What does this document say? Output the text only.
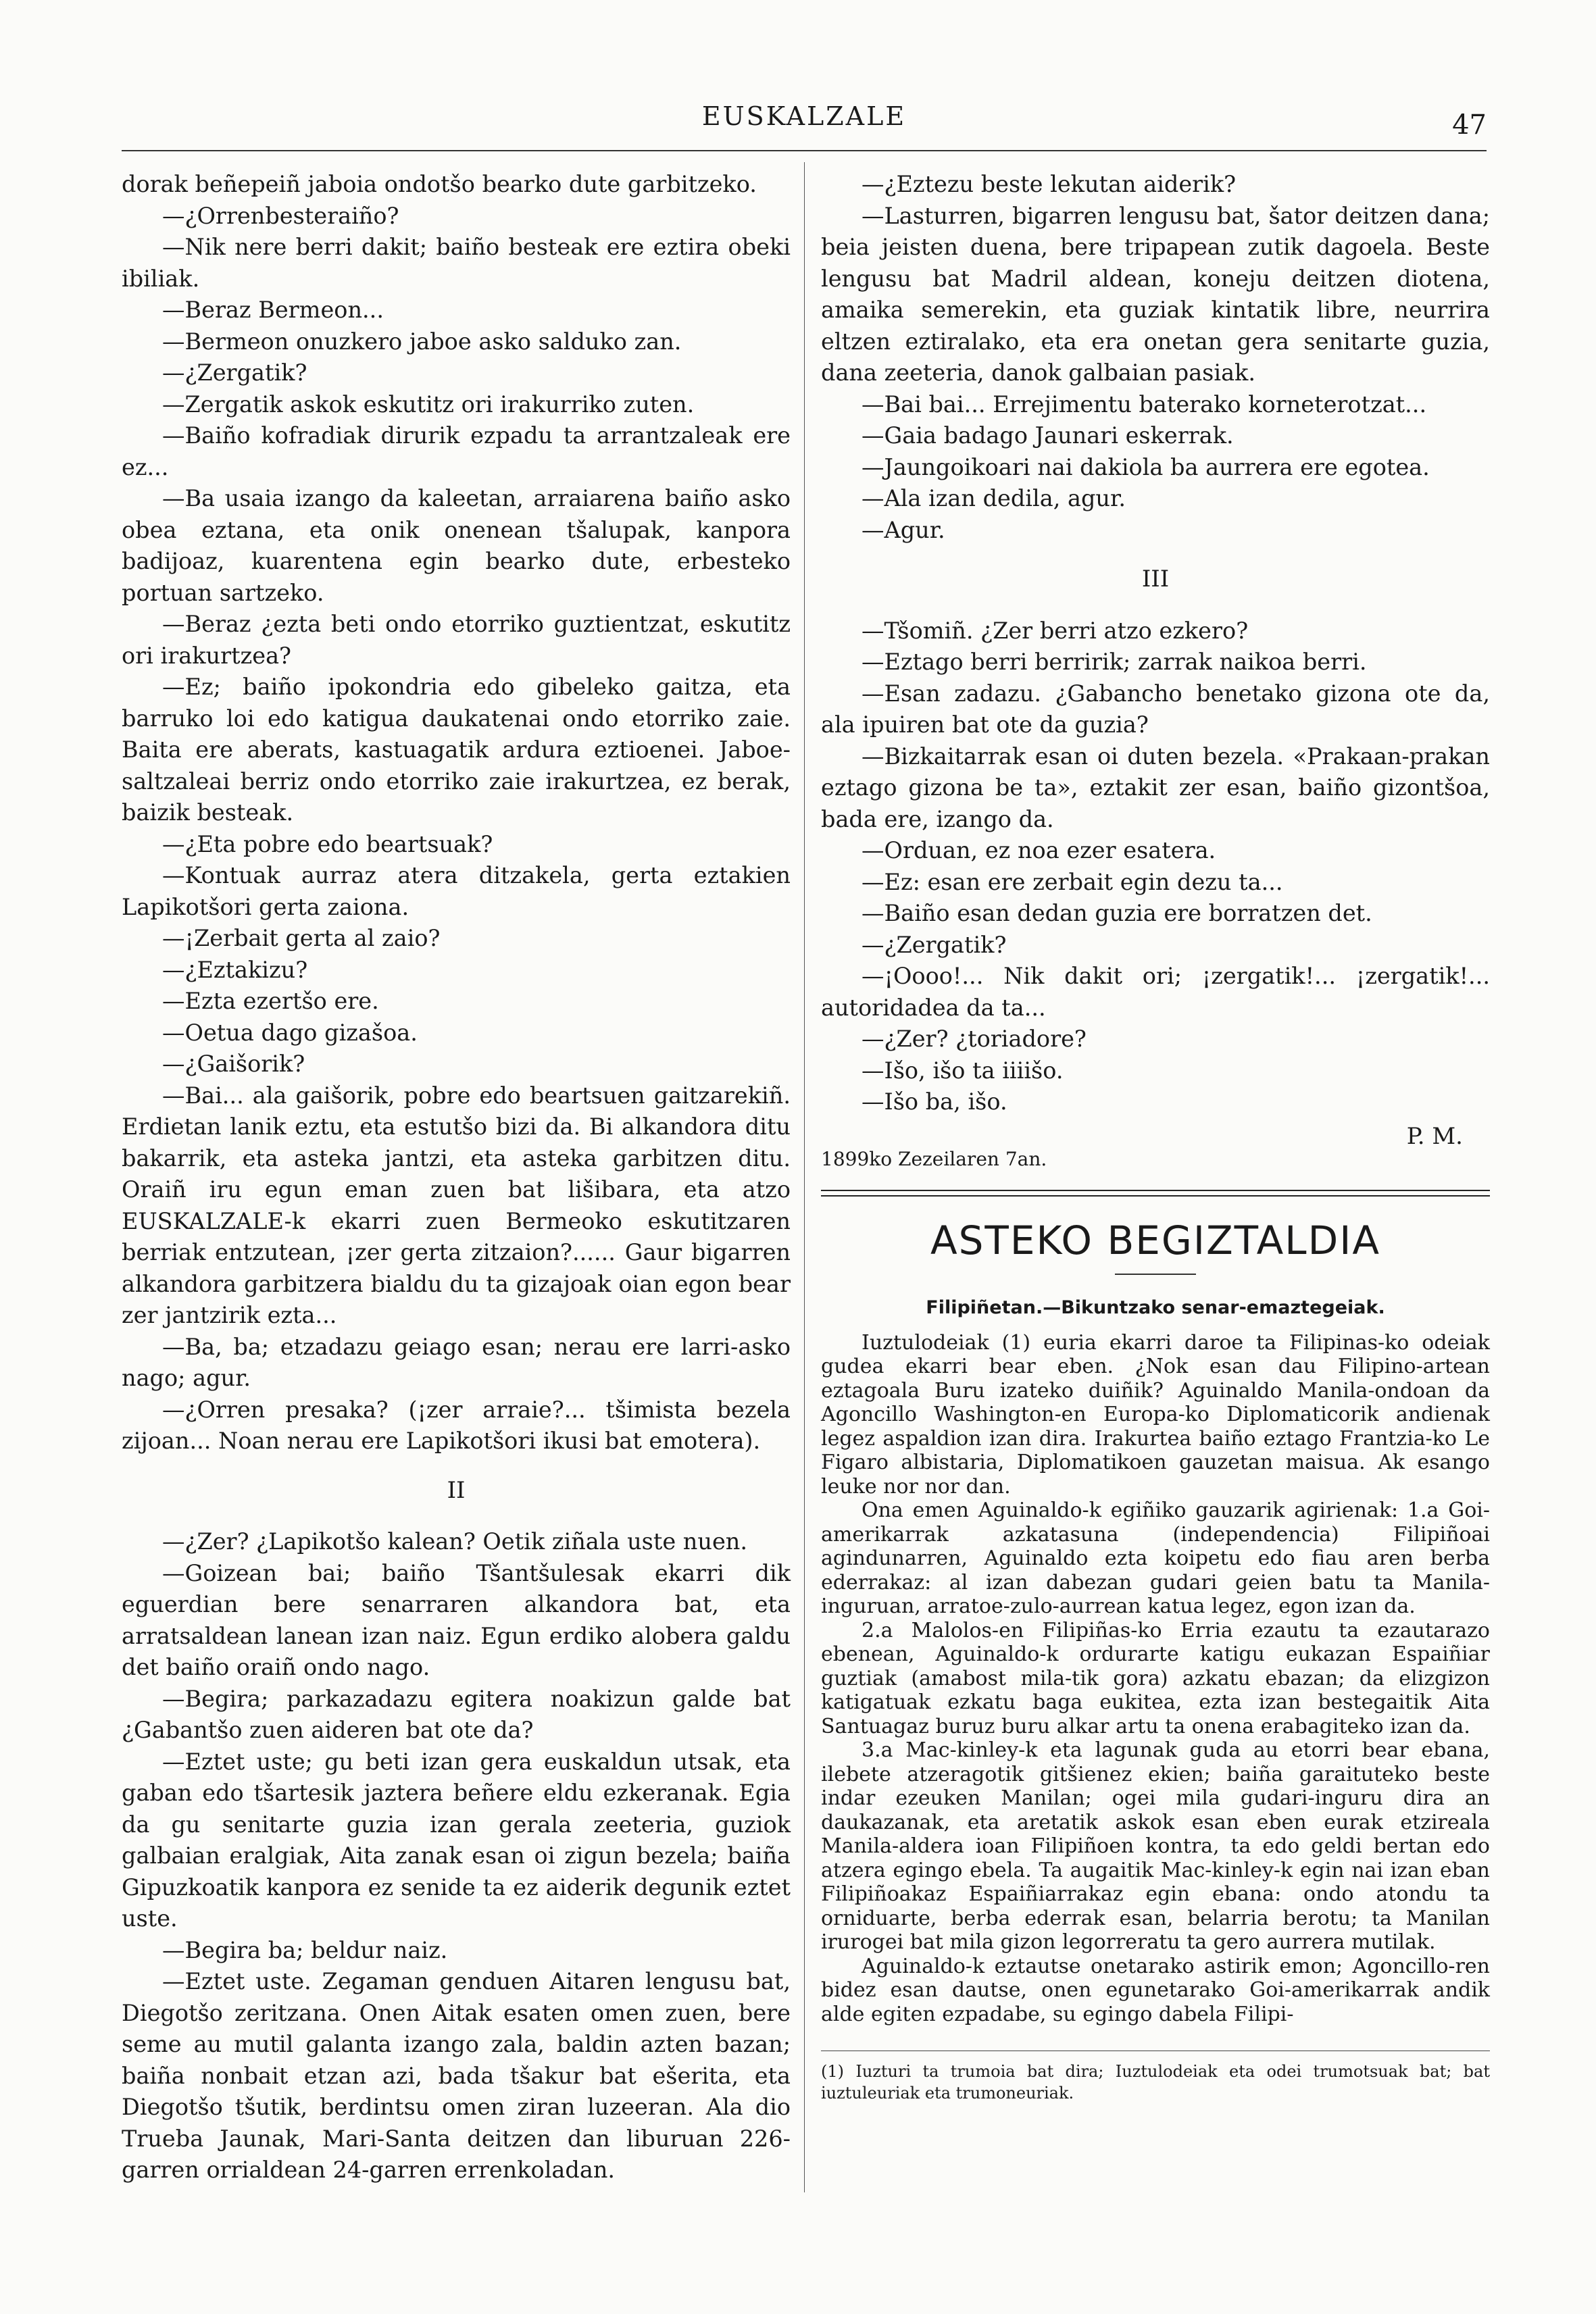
EUSKALZALE	47

dorak beñepeiñ jaboia ondotšo bearko dute garbitzeko.

—¿Orrenbesteraiño?

—Nik nere berri dakit; baiño besteak ere eztira obeki ibiliak.

—Beraz Bermeon...

—Bermeon onuzkero jaboe asko salduko zan.

—¿Zergatik?

—Zergatik askok eskutitz ori irakurriko zuten.

—Baiño kofradiak dirurik ezpadu ta arrantzaleak ere ez...

—Ba usaia izango da kaleetan, arraiarena baiño asko obea eztana, eta onik onenean tšalupak, kanpora badijoaz, kuarentena egin bearko dute, erbesteko portuan sartzeko.

—Beraz ¿ezta beti ondo etorriko guztientzat, eskutitz ori irakurtzea?

—Ez; baiño ipokondria edo gibeleko gaitza, eta barruko loi edo katigua daukatenai ondo etorriko zaie. Baita ere aberats, kastuagatik ardura eztioenei. Jaboe-saltzaleai berriz ondo etorriko zaie irakurtzea, ez berak, baizik besteak.

—¿Eta pobre edo beartsuak?

—Kontuak aurraz atera ditzakela, gerta eztakien Lapikotšori gerta zaiona.

—¡Zerbait gerta al zaio?

—¿Eztakizu?

—Ezta ezertšo ere.

—Oetua dago gizašoa.

—¿Gaišorik?

—Bai... ala gaišorik, pobre edo beartsuen gaitzarekiñ. Erdietan lanik eztu, eta estutšo bizi da. Bi alkandora ditu bakarrik, eta asteka jantzi, eta asteka garbitzen ditu. Oraiñ iru egun eman zuen bat lišibara, eta atzo EUSKALZALE-k ekarri zuen Bermeoko eskutitzaren berriak entzutean, ¡zer gerta zitzaion?...... Gaur bigarren alkandora garbitzera bialdu du ta gizajoak oian egon bear zer jantzirik ezta...

—Ba, ba; etzadazu geiago esan; nerau ere larri-asko nago; agur.

—¿Orren presaka? (¡zer arraie?... tšimista bezela zijoan... Noan nerau ere Lapikotšori ikusi bat emotera).

II

—¿Zer? ¿Lapikotšo kalean? Oetik ziñala uste nuen.

—Goizean bai; baiño Tšantšulesak ekarri dik eguerdian bere senarraren alkandora bat, eta arratsaldean lanean izan naiz. Egun erdiko alobera galdu det baiño oraiñ ondo nago.

—Begira; parkazadazu egitera noakizun galde bat ¿Gabantšo zuen aideren bat ote da?

—Eztet uste; gu beti izan gera euskaldun utsak, eta gaban edo tšartesik jaztera beñere eldu ezkeranak. Egia da gu senitarte guzia izan gerala zeeteria, guziok galbaian eralgiak, Aita zanak esan oi zigun bezela; baiña Gipuzkoatik kanpora ez senide ta ez aiderik degunik eztet uste.

—Begira ba; beldur naiz.

—Eztet uste. Zegaman genduen Aitaren lengusu bat, Diegotšo zeritzana. Onen Aitak esaten omen zuen, bere seme au mutil galanta izango zala, baldin azten bazan; baiña nonbait etzan azi, bada tšakur bat ešerita, eta Diegotšo tšutik, berdintsu omen ziran luzeeran. Ala dio Trueba Jaunak, Mari-Santa deitzen dan liburuan 226-garren orrialdean 24-garren errenkoladan.

—¿Eztezu beste lekutan aiderik?

—Lasturren, bigarren lengusu bat, šator deitzen dana; beia jeisten duena, bere tripapean zutik dagoela. Beste lengusu bat Madril aldean, koneju deitzen diotena, amaika semerekin, eta guziak kintatik libre, neurrira eltzen eztiralako, eta era onetan gera senitarte guzia, dana zeeteria, danok galbaian pasiak.

—Bai bai... Errejimentu baterako korneterotzat...

—Gaia badago Jaunari eskerrak.

—Jaungoikoari nai dakiola ba aurrera ere egotea.

—Ala izan dedila, agur.

—Agur.

III

—Tšomiñ. ¿Zer berri atzo ezkero?

—Eztago berri berririk; zarrak naikoa berri.

—Esan zadazu. ¿Gabancho benetako gizona ote da, ala ipuiren bat ote da guzia?

—Bizkaitarrak esan oi duten bezela. «Prakaan-prakan eztago gizona be ta», eztakit zer esan, baiño gizontšoa, bada ere, izango da.

—Orduan, ez noa ezer esatera.

—Ez: esan ere zerbait egin dezu ta...

—Baiño esan dedan guzia ere borratzen det.

—¿Zergatik?

—¡Oooo!... Nik dakit ori; ¡zergatik!... ¡zergatik!... autoridadea da ta...

—¿Zer? ¿toriadore?

—Išo, išo ta iiiišo.

—Išo ba, išo.

1899ko Zezeilaren 7an.
P. M.
ASTEKO BEGIZTALDIA
Filipiñetan.—Bikuntzako senar-emaztegeiak.

Iuztulodeiak (1) euria ekarri daroe ta Filipinas-ko odeiak gudea ekarri bear eben. ¿Nok esan dau Filipino-artean eztagoala Buru izateko duiñik? Aguinaldo Manila-ondoan da Agoncillo Washington-en Europa-ko Diplomaticorik andienak legez aspaldion izan dira. Irakurtea baiño eztago Frantzia-ko Le Figaro albistaria, Diplomatikoen gauzetan maisua. Ak esango leuke nor nor dan.

Ona emen Aguinaldo-k egiñiko gauzarik agirienak: 1.a Goi-amerikarrak azkatasuna (independencia) Filipiñoai agindunarren, Aguinaldo ezta koipetu edo fiau aren berba ederrakaz: al izan dabezan gudari geien batu ta Manila-inguruan, arratoe-zulo-aurrean katua legez, egon izan da.

2.a Malolos-en Filipiñas-ko Erria ezautu ta ezautarazo ebenean, Aguinaldo-k ordurarte katigu eukazan Espaiñiar guztiak (amabost mila-tik gora) azkatu ebazan; da elizgizon katigatuak ezkatu baga eukitea, ezta izan bestegaitik Aita Santuagaz buruz buru alkar artu ta onena erabagiteko izan da.

3.a Mac-kinley-k eta lagunak guda au etorri bear ebana, ilebete atzeragotik gitšienez ekien; baiña garaituteko beste indar ezeuken Manilan; ogei mila gudari-inguru dira an daukazanak, eta aretatik askok esan eben eurak etzireala Manila-aldera ioan Filipiñoen kontra, ta edo geldi bertan edo atzera egingo ebela. Ta augaitik Mac-kinley-k egin nai izan eban Filipiñoakaz Espaiñiarrakaz egin ebana: ondo atondu ta orniduarte, berba ederrak esan, belarria berotu; ta Manilan irurogei bat mila gizon legorreratu ta gero aurrera mutilak.

Aguinaldo-k eztautse onetarako astirik emon; Agoncillo-ren bidez esan dautse, onen egunetarako Goi-amerikarrak andik alde egiten ezpadabe, su egingo dabela Filipi-

(1) Iuzturi ta trumoia bat dira; Iuztulodeiak eta odei trumotsuak bat; bat iuztuleuriak eta trumoneuriak.
